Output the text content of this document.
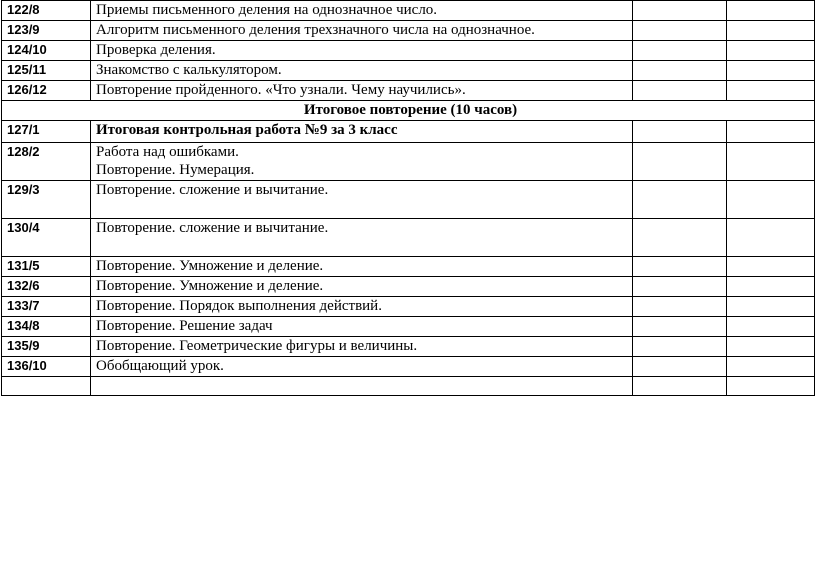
122/8	Приемы письменного деления на однозначное число.		

123/9	Алгоритм письменного деления трехзначного числа на однозначное.		

124/10	Проверка деления.		

125/11	Знакомство с калькулятором.		

126/12	Повторение пройденного. «Что узнали. Чему научились».		

Итоговое повторение (10 часов)			
127/1	Итоговая контрольная работа №9 за 3 класс		

128/2	Работа над ошибками.
Повторение. Нумерация.		

129/3	Повторение. сложение и вычитание.		

130/4	Повторение. сложение и вычитание.		

131/5	Повторение. Умножение и деление.		

132/6	Повторение. Умножение и деление.		

133/7	Повторение. Порядок выполнения действий.		

134/8	Повторение. Решение задач		

135/9	Повторение. Геометрические фигуры и величины.		

136/10	Обобщающий урок.		
